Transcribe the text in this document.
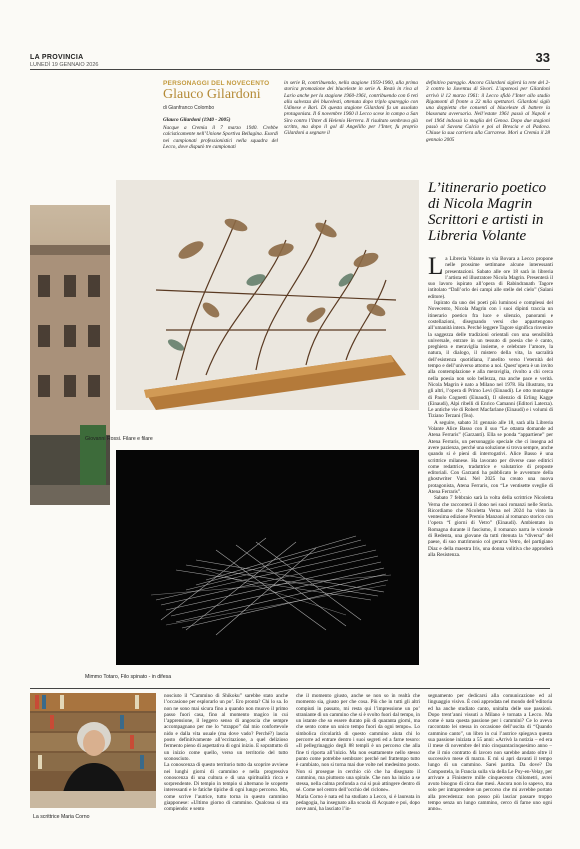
LA PROVINCIA
LUNEDÌ 19 GENNAIO 2026	33
PERSONAGGI DEL NOVECENTO
Glauco Gilardoni
di Gianfranco Colombo
Glauco Gilardoni (1940 - 2005)
Nacque a Cremia il 7 marzo 1940. Crebbe calcisticamente nell’Unione Sportiva Bellagina. Esordì nei campionati professionistici nella squadra del Lecco, dove disputò tre campionati
in serie B, contribuendo, nella stagione 1959-1960, alla prima storica promozione dei bluceleste in serie A. Restò in riva al Lario anche per la stagione 1960-1961, contribuendo con 6 reti alla salvezza dei blucelesti, ottenuta dopo triplo spareggio con Udinese e Bari. Di questa stagione Gilardoni fu un assoluto protagonista. Il 6 novembre 1960 il Lecco scese in campo a San Siro contro l’Inter di Helenio Herrera. Il risultato sembrava già scritto, ma dopo il gol di Angelillo per l’Inter, fu proprio Gilardoni a segnare il
definitivo pareggio. Ancora Gilardoni siglerà la rete del 2-3 contro la Juventus di Sivori. L’apoteosi per Gilardoni arrivò il 12 marzo 1961: il Lecco sfidò l’Inter allo stadio Rigamonti di fronte a 22 mila spettatori. Gilardoni siglò una doppietta che consentì al bluceleste di battere la blasonata avversaria. Nell’estate 1961 passò al Napoli e nel 1964 indossò la maglia del Genoa. Dopo due stagioni passò al Savona Calcio e poi al Brescia e al Padova. Chiuse la sua carriera alla Carrarese. Morì a Cremia il 28 gennaio 2005
Giovanni Rossi. Filare e filare
Mimmo Totaro, Filo spinato - in difesa
L’itinerario poetico di Nicola Magrin Scrittori e artisti in Libreria Volante
La Libreria Volante in via Bovara a Lecco propone nelle prossime settimane alcune interessanti presentazioni. Sabato alle ore 18 sarà in libreria l’artista ed illustratore Nicola Magrin. Presenterà il suo lavoro ispirato all’opera di Rabindranath Tagore intitolato “Dall’orlo dei campi alle stelle del cielo” (Salani editore).
Ispirato da uno dei poeti più luminosi e complessi del Novecento, Nicola Magrin con i suoi dipinti traccia un itinerario poetico fra luce e silenzio, panorami e costellazioni, disegnando versi che appartengono all’umanità intera. Perché leggere Tagore significa rinvenire la saggezza delle tradizioni orientali con una sensibilità universale, entrare in un tessuto di poesia che è canto, preghiera e meraviglia insieme, e celebrare l’amore, la natura, il dialogo, il mistero della vita, la sacralità dell’esistenza quotidiana, l’anelito verso l’eternità del tempo e dell’universo attorno a noi. Quest’opera è un invito alla contemplazione e alla meraviglia, rivolto a chi cerca nella poesia non solo bellezza, ma anche pace e verità. Nicola Magrin è nato a Milano nel 1978. Ha illustrato, tra gli altri, l’opera di Primo Levi (Einaudi). Le otto montagne di Paolo Cognetti (Einaudi), Il silenzio di Erling Kagge (Einaudi), Alpi ribelli di Enrico Camanni (Editori Laterza). Le antiche vie di Robert Macfarlane (Einaudi) e i volumi di Tiziano Terzani (Tea).
A seguire, sabato 31 gennaio alle 18, sarà alla Libreria Volante Alice Basso con il suo “Le ottanta domande ad Atena Ferraris” (Garzanti). Ella se ponda “appartiene” per Atena Ferraris, un personaggio speciale che ci insegna ad avere pazienza, perché una soluzione si trova sempre, anche quando si è pieni di interrogativi. Alice Basso è una scrittrice milanese. Ha lavorato per diverse case editrici come redattrice, traduttrice e valutatrice di proposte editoriali. Con Garzanti ha pubblicato le avventure della ghostwriter Vani. Nel 2025 ha creato una nuova protagonista, Atena Ferraris, con “Le ventisette sveglie di Atena Ferraris”.
Sabato 7 febbraio sarà la volta della scrittrice Nicoletta Verna che racconterà il dono nei suoi romanzi nelle Storia. Ricordiamo che Nicoletta Verna nel 2024 ha vinto la ventesima edizione Premio Manzoni al romanzo storico con l’opera “I giorni di Vetro” (Einaudi). Ambientato in Romagna durante il fascismo, il romanzo narra le vicende di Redenta, una giovane da tutti ritenuta la “diversa” del paese, di suo matrimonio col gerarca Vetro, del partigiano Diaz e della maestra Iris, una donna volitiva che approderà alla Resistenza.
La scrittrice Maria Corno
nosciuto il “Cammino di Shikoku” sarebbe stato anche l’occasione per esplorarlo un po’. Ero pronta? Chi lo sa. Io non ne sono mai sicura fino a quando non muovo il primo passo fuori casa, fino al momento magico in cui l’apprensione, il leggero senso di angoscia che sempre accompagnano per me lo “strappo” dal mio confortevole nido e dalla vita usuale (ma dove vado? Perché?) lascia posto definitivamente all’eccitazione, a quel delizioso fermento pieno di aspettativa di ogni inizio. E soprattutto di un inizio come quello, verso un territorio del tutto sconosciuto.
La conoscenza di questo territorio tutto da scoprire avviene nei lunghi giorni di cammino e nella progressiva conoscenza di una cultura e di una spiritualità ricca e sorprendente. Di tempio in tempio si alternano le scoperte interessanti e le fatiche tipiche di ogni lungo percorso. Ma, come scrive l’autrice, tutto torna in questo cammino giapponese: «Ultimo giorno di cammino. Qualcosa si sta compiendo: e sento
che il momento giusto, anche se non so in realtà che momento sia, giusto per che cosa. Più che in tutti gli altri compiuti in passato, mi resta qui l’impressione un po’ straniante di un cammino che si è svolto fuori dal tempo, in un istante che so essere durato più di quaranta giorni, ma che sento come un unico tempo fuori da ogni tempo». Lo simbolica circolarità di questo cammino aiuta chi lo percorre ad entrare dentro i suoi segreti ed a farne tesoro: «Il pellegrinaggio degli 88 templi è un percorso che alla fine ti riporta all’inizio. Ma non esattamente nello stesso punto come potrebbe sembrare: perché nel frattempo tutto è cambiato, non si torna mai due volte nel medesimo posto. Non si prosegue in cerchio ciò che ha disegnato il cammino, ma piuttosto una spirale. Che non ha inizio a se stessa, nella calma profonda a cui si può attingere dentro di sé. Come nel centro dell’occhio del ciclone».
Maria Corno è nata ed ha studiato a Lecco, si è laureata in pedagogia, ha insegnato alla scuola di Acquate e poi, dopo nove anni, ha lasciato l’in-
segnamento per dedicarsi alla comunicazione ed al linguaggio visivo. È così approdata nel mondo dell’editoria ed ha anche studiato canto, unitalta delle sue passioni. Dopo trent’anni vissuti a Milano è tornata a Lecco. Ma come è nata questa passione per i cammini? Ce lo aveva raccontato lei stessa in occasione dell’uscita di “Quando cammino canto”, un libro in cui l’autrice spiegava questa sua passione iniziata a 55 anni: «Arrivò la notizia – ed era il mese di novembre del mio cinquantacinquesimo anno – che il mio contratto di lavoro non sarebbe andato oltre il successivo mese di marzo. E mi si apri davanti il tempo lungo di un cammino. Sarei partita. Da dove? Da Compostela, in Francia sulla via della Le Puy-en-Velay, per arrivare a Finisterre mille cinquecento chilometri, avrei avuto bisogno di circa due mesi. Ancora non lo sapevo, ma solo per intraprendere un percorso che mi avrebbe portato alla precedenza: non posso più lasciar passare troppo tempo senza un lungo cammino, cerco di farne uno ogni anno».
